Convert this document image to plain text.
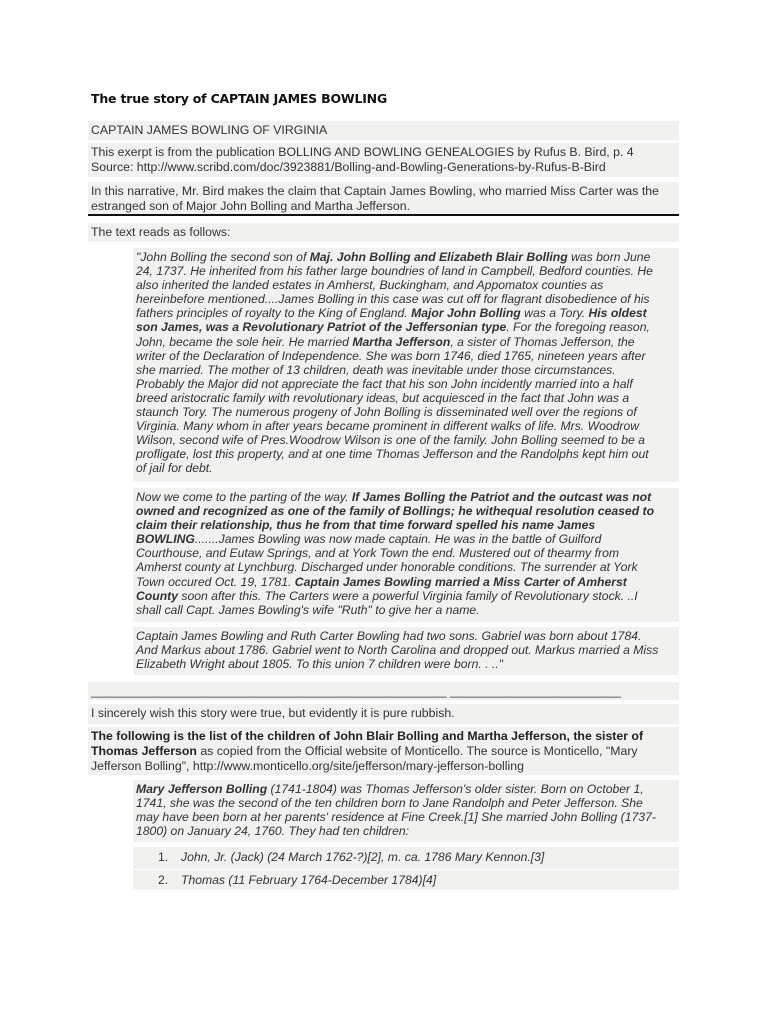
The true story of CAPTAIN JAMES BOWLING
CAPTAIN JAMES BOWLING OF VIRGINIA
This exerpt is from the publication BOLLING AND BOWLING GENEALOGIES by Rufus B. Bird, p. 4
Source: http://www.scribd.com/doc/3923881/Bolling-and-Bowling-Generations-by-Rufus-B-Bird
In this narrative, Mr. Bird makes the claim that Captain James Bowling, who married Miss Carter was the
estranged son of Major John Bolling and Martha Jefferson.
The text reads as follows:
"John Bolling the second son of Maj. John Bolling and Elizabeth Blair Bolling was born June
24, 1737. He inherited from his father large boundries of land in Campbell, Bedford counties. He
also inherited the landed estates in Amherst, Buckingham, and Appomatox counties as
hereinbefore mentioned....James Bolling in this case was cut off for flagrant disobedience of his
fathers principles of royalty to the King of England. Major John Bolling was a Tory. His oldest
son James, was a Revolutionary Patriot of the Jeffersonian type. For the foregoing reason,
John, became the sole heir. He married Martha Jefferson, a sister of Thomas Jefferson, the
writer of the Declaration of Independence. She was born 1746, died 1765, nineteen years after
she married. The mother of 13 children, death was inevitable under those circumstances.
Probably the Major did not appreciate the fact that his son John incidently married into a half
breed aristocratic family with revolutionary ideas, but acquiesced in the fact that John was a
staunch Tory. The numerous progeny of John Bolling is disseminated well over the regions of
Virginia. Many whom in after years became prominent in different walks of life. Mrs. Woodrow
Wilson, second wife of Pres.Woodrow Wilson is one of the family. John Bolling seemed to be a
profligate, lost this property, and at one time Thomas Jefferson and the Randolphs kept him out
of jail for debt.
Now we come to the parting of the way. If James Bolling the Patriot and the outcast was not
owned and recognized as one of the family of Bollings; he withequal resolution ceased to
claim their relationship, thus he from that time forward spelled his name James
BOWLING.......James Bowling was now made captain. He was in the battle of Guilford
Courthouse, and Eutaw Springs, and at York Town the end. Mustered out of thearmy from
Amherst county at Lynchburg. Discharged under honorable conditions. The surrender at York
Town occured Oct. 19, 1781. Captain James Bowling married a Miss Carter of Amherst
County soon after this. The Carters were a powerful Virginia family of Revolutionary stock. ..I
shall call Capt. James Bowling's wife "Ruth" to give her a name.
Captain James Bowling and Ruth Carter Bowling had two sons. Gabriel was born about 1784.
And Markus about 1786. Gabriel went to North Carolina and dropped out. Markus married a Miss
Elizabeth Wright about 1805. To this union 7 children were born. . .."
____________________________________________________ _________________________
I sincerely wish this story were true, but evidently it is pure rubbish.
The following is the list of the children of John Blair Bolling and Martha Jefferson, the sister of
Thomas Jefferson as copied from the Official website of Monticello. The source is Monticello, "Mary
Jefferson Bolling", http://www.monticello.org/site/jefferson/mary-jefferson-bolling
Mary Jefferson Bolling (1741-1804) was Thomas Jefferson's older sister. Born on October 1,
1741, she was the second of the ten children born to Jane Randolph and Peter Jefferson. She
may have been born at her parents' residence at Fine Creek.[1] She married John Bolling (1737-
1800) on January 24, 1760. They had ten children:
1. John, Jr. (Jack) (24 March 1762-?)[2], m. ca. 1786 Mary Kennon.[3]
2. Thomas (11 February 1764-December 1784)[4]
